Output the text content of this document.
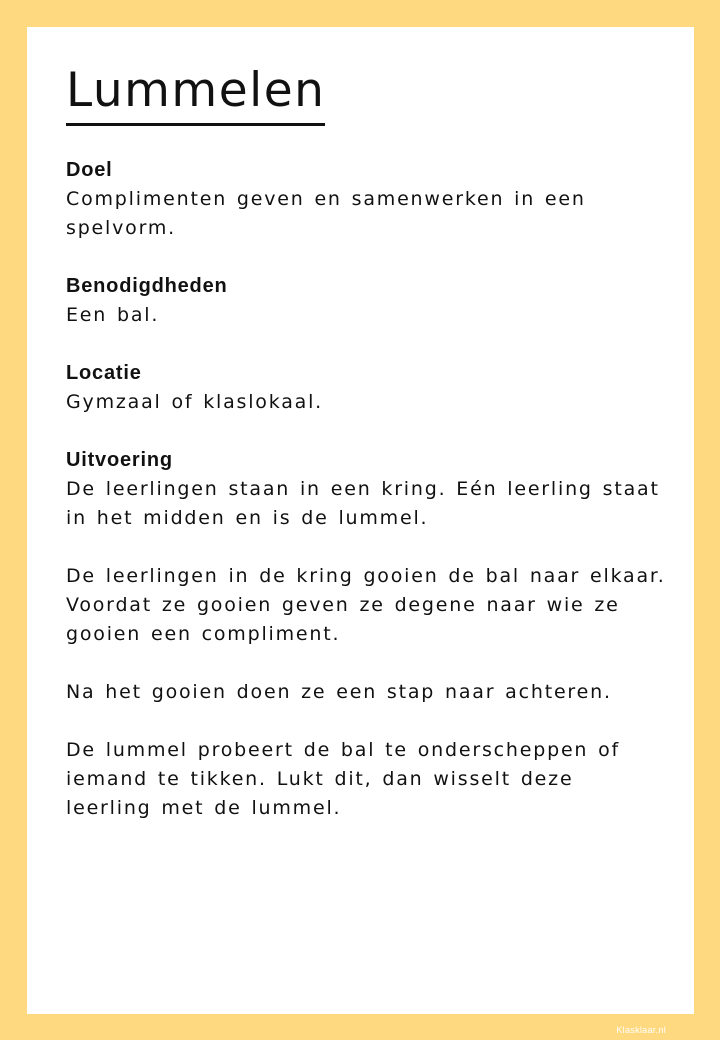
Lummelen

Doel

Complimenten geven en samenwerken in een spelvorm.

Benodigdheden

Een bal.

Locatie

Gymzaal of klaslokaal.

Uitvoering

De leerlingen staan in een kring. Eén leerling staat in het midden en is de lummel.

De leerlingen in de kring gooien de bal naar elkaar. Voordat ze gooien geven ze degene naar wie ze gooien een compliment.

Na het gooien doen ze een stap naar achteren.

De lummel probeert de bal te onderscheppen of iemand te tikken. Lukt dit, dan wisselt deze leerling met de lummel.

Klasklaar.nl
